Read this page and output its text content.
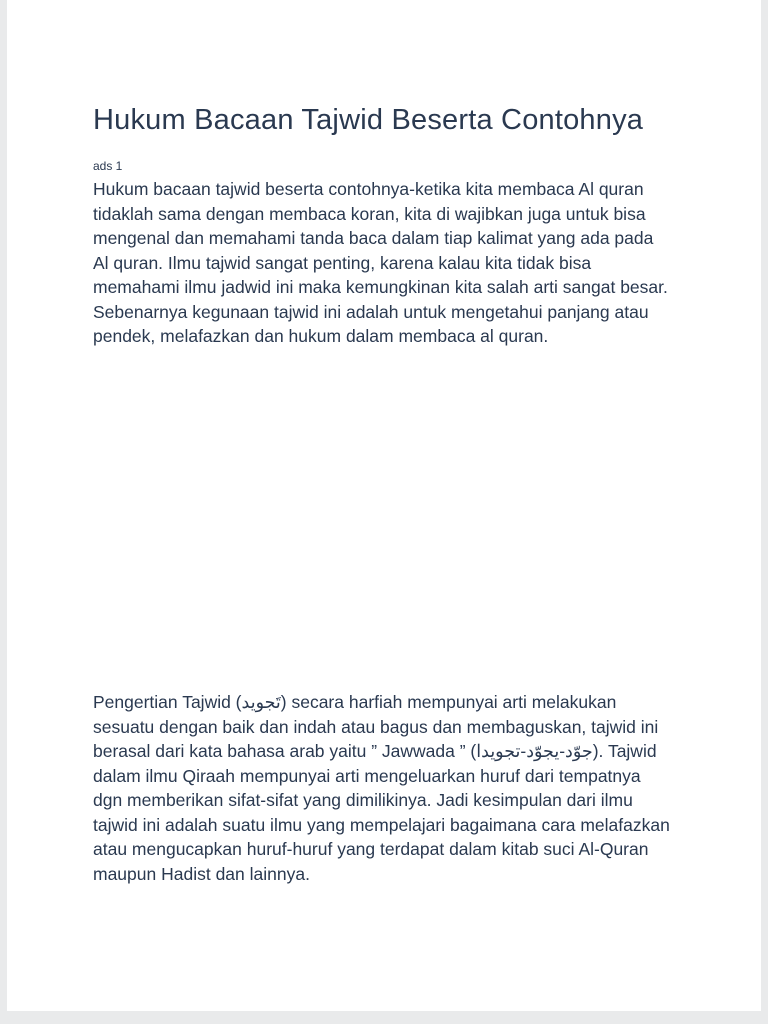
Hukum Bacaan Tajwid Beserta Contohnya
ads 1

Hukum bacaan tajwid beserta contohnya-ketika kita membaca Al quran tidaklah sama dengan membaca koran, kita di wajibkan juga untuk bisa mengenal dan memahami tanda baca dalam tiap kalimat yang ada pada Al quran. Ilmu tajwid sangat penting, karena kalau kita tidak bisa memahami ilmu jadwid ini maka kemungkinan kita salah arti sangat besar. Sebenarnya kegunaan tajwid ini adalah untuk mengetahui panjang atau pendek, melafazkan dan hukum dalam membaca al quran.

Pengertian Tajwid (تَجويد) secara harfiah mempunyai arti melakukan sesuatu dengan baik dan indah atau bagus dan membaguskan, tajwid ini berasal dari kata bahasa arab yaitu ” Jawwada ” (جوّد-يجوّد-تجويدا). Tajwid dalam ilmu Qiraah mempunyai arti mengeluarkan huruf dari tempatnya dgn memberikan sifat-sifat yang dimilikinya. Jadi kesimpulan dari ilmu tajwid ini adalah suatu ilmu yang mempelajari bagaimana cara melafazkan atau mengucapkan huruf-huruf yang terdapat dalam kitab suci Al-Quran maupun Hadist dan lainnya.
